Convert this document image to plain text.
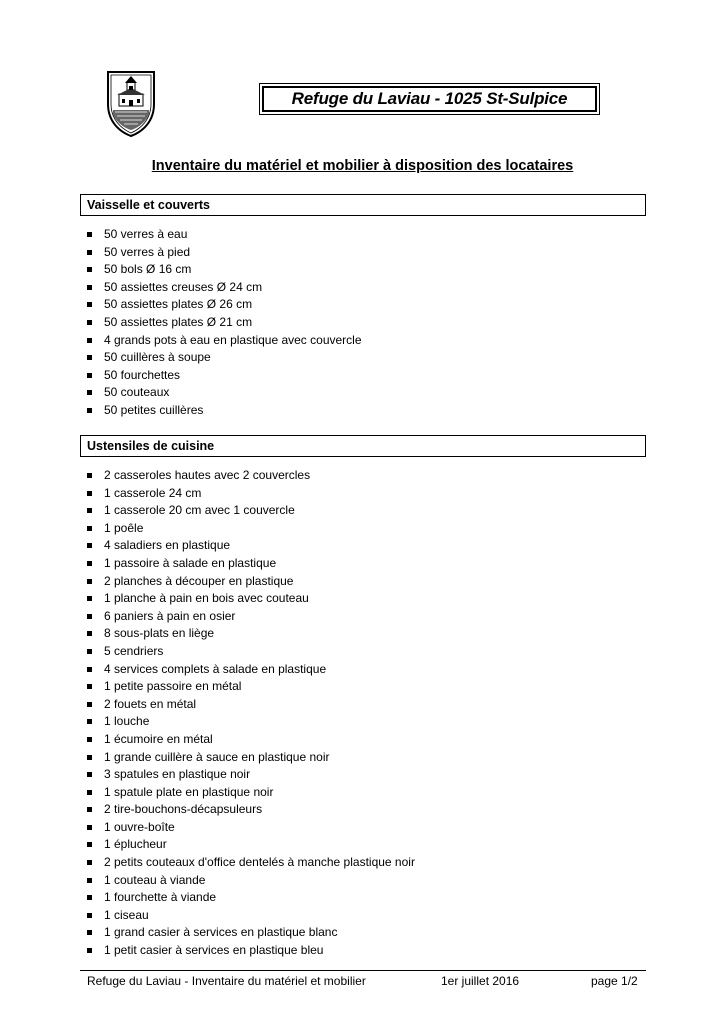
Refuge du Laviau - 1025 St-Sulpice
Inventaire du matériel et mobilier à disposition des locataires
Vaisselle et couverts
50 verres à eau
50 verres à pied
50 bols Ø 16 cm
50 assiettes creuses Ø 24 cm
50 assiettes plates Ø 26 cm
50 assiettes plates Ø 21 cm
4 grands pots à eau en plastique avec couvercle
50 cuillères à soupe
50 fourchettes
50 couteaux
50 petites cuillères
Ustensiles de cuisine
2 casseroles hautes avec 2 couvercles
1 casserole 24 cm
1 casserole 20 cm avec 1 couvercle
1 poêle
4 saladiers en plastique
1 passoire à salade en plastique
2 planches à découper en plastique
1 planche à pain en bois avec couteau
6 paniers à pain en osier
8 sous-plats en liège
5 cendriers
4 services complets à salade en plastique
1 petite passoire en métal
2 fouets en métal
1 louche
1 écumoire en métal
1 grande cuillère à sauce en plastique noir
3 spatules en plastique noir
1 spatule plate en plastique noir
2 tire-bouchons-décapsuleurs
1 ouvre-boîte
1 éplucheur
2 petits couteaux d'office dentelés à manche plastique noir
1 couteau à viande
1 fourchette à viande
1 ciseau
1 grand casier à services en plastique blanc
1 petit casier à services en plastique bleu
Refuge du Laviau - Inventaire du matériel et mobilier	1er juillet 2016	page 1/2
